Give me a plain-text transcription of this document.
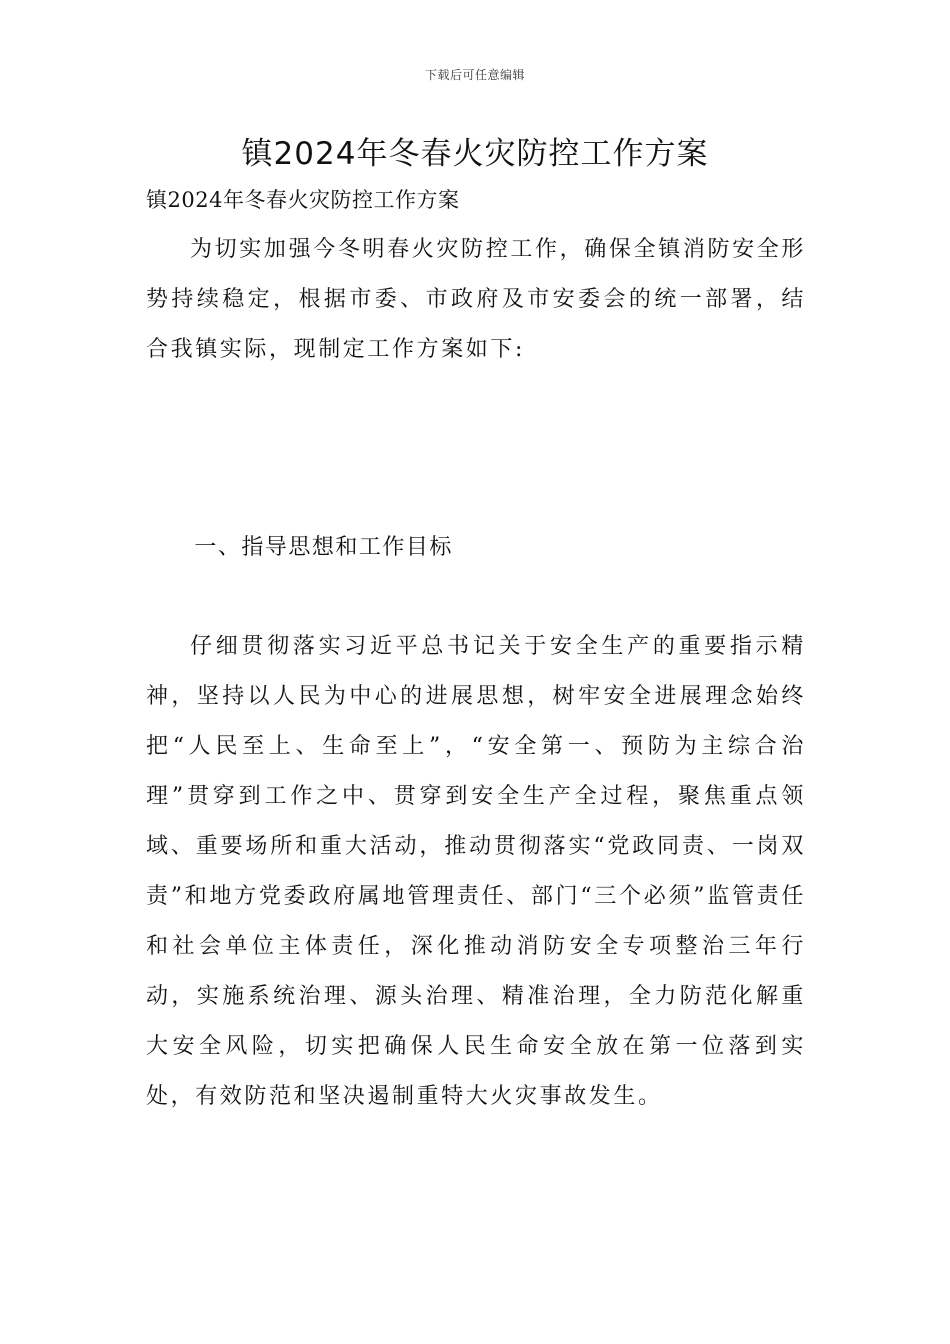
下载后可任意编辑
镇2024年冬春火灾防控工作方案

镇2024年冬春火灾防控工作方案

为切实加强今冬明春火灾防控工作，确保全镇消防安全形势持续稳定，根据市委、市政府及市安委会的统一部署，结合我镇实际，现制定工作方案如下:

一、指导思想和工作目标

仔细贯彻落实习近平总书记关于安全生产的重要指示精神，坚持以人民为中心的进展思想，树牢安全进展理念始终把“人民至上、生命至上”，“安全第一、预防为主综合治理”贯穿到工作之中、贯穿到安全生产全过程，聚焦重点领域、重要场所和重大活动，推动贯彻落实“党政同责、一岗双责”和地方党委政府属地管理责任、部门“三个必须”监管责任和社会单位主体责任，深化推动消防安全专项整治三年行动，实施系统治理、源头治理、精准治理，全力防范化解重大安全风险，切实把确保人民生命安全放在第一位落到实处，有效防范和坚决遏制重特大火灾事故发生。
